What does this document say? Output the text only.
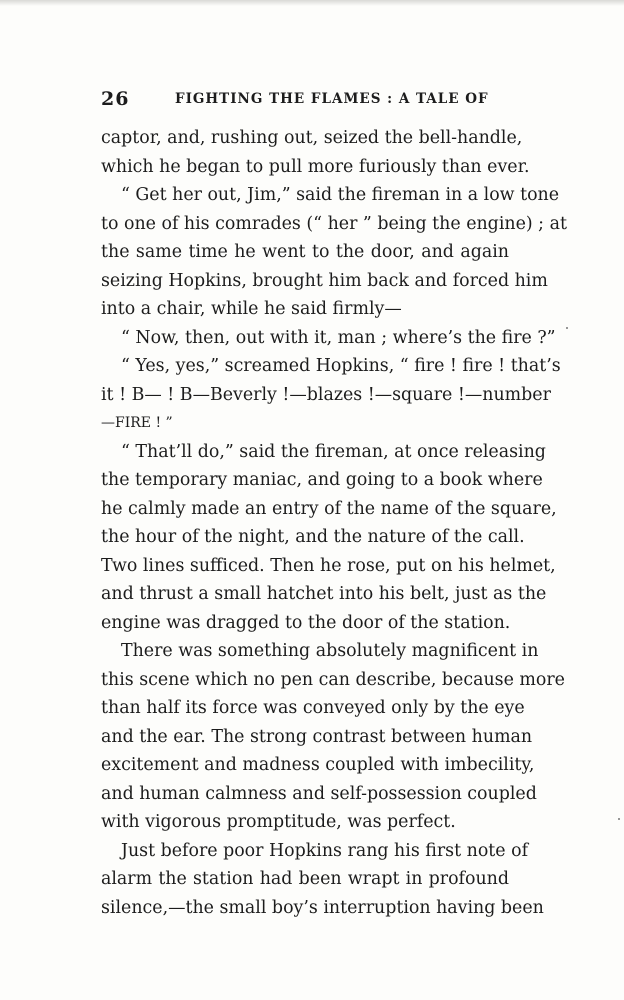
26	FIGHTING THE FLAMES : A TALE OF
captor, and, rushing out, seized the bell-handle,
which he began to pull more furiously than ever.
“ Get her out, Jim,” said the fireman in a low tone
to one of his comrades (“ her ” being the engine) ; at
the same time he went to the door, and again
seizing Hopkins, brought him back and forced him
into a chair, while he said firmly—
“ Now, then, out with it, man ; where’s the fire ?”
“ Yes, yes,” screamed Hopkins, “ fire ! fire ! that’s
it ! B— ! B—Beverly !—blazes !—square !—number
—FIRE ! ”
“ That’ll do,” said the fireman, at once releasing
the temporary maniac, and going to a book where
he calmly made an entry of the name of the square,
the hour of the night, and the nature of the call.
Two lines sufficed. Then he rose, put on his helmet,
and thrust a small hatchet into his belt, just as the
engine was dragged to the door of the station.
There was something absolutely magnificent in
this scene which no pen can describe, because more
than half its force was conveyed only by the eye
and the ear. The strong contrast between human
excitement and madness coupled with imbecility,
and human calmness and self-possession coupled
with vigorous promptitude, was perfect.
Just before poor Hopkins rang his first note of
alarm the station had been wrapt in profound
silence,—the small boy’s interruption having been
